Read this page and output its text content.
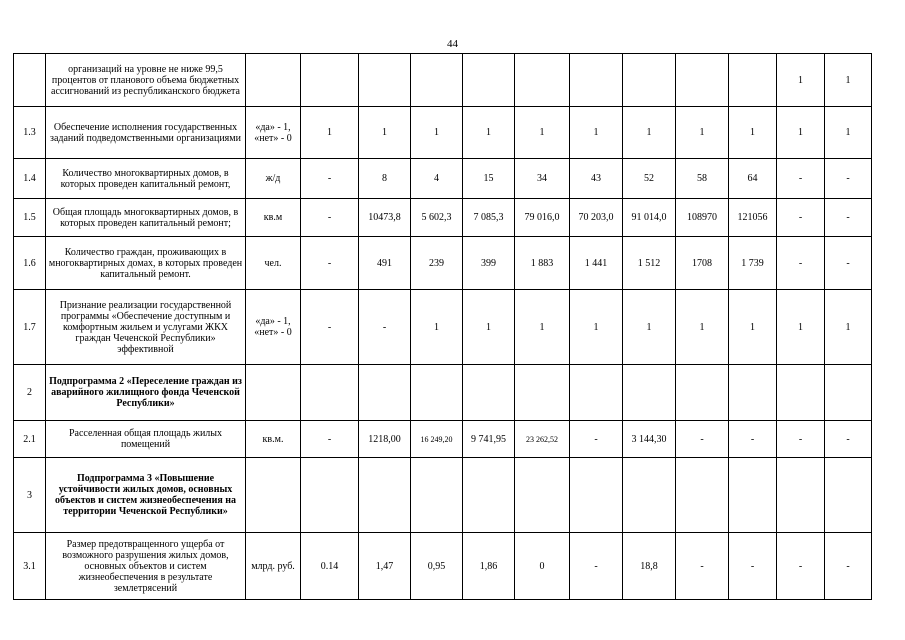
44
	организаций на уровне не ниже 99,5 процентов от планового объема бюджетных ассигнований из республиканского бюджета											1	1
1.3	Обеспечение исполнения государственных заданий подведомственными организациями	«да» - 1, «нет» - 0	1	1	1	1	1	1	1	1	1	1	1
1.4	Количество многоквартирных домов, в которых проведен капитальный ремонт,	ж/д	-	8	4	15	34	43	52	58	64	-	-
1.5	Общая площадь многоквартирных домов, в которых проведен капитальный ремонт;	кв.м	-	10473,8	5 602,3	7 085,3	79 016,0	70 203,0	91 014,0	108970	121056	-	-
1.6	Количество граждан, проживающих в многоквартирных домах, в которых проведен капитальный ремонт.	чел.	-	491	239	399	1 883	1 441	1 512	1708	1 739	-	-
1.7	Признание реализации государственной программы «Обеспечение доступным и комфортным жильем и услугами ЖКХ граждан Чеченской Республики» эффективной	«да» - 1, «нет» - 0	-	-	1	1	1	1	1	1	1	1	1
2	Подпрограмма 2 «Переселение граждан из аварийного жилищного фонда Чеченской Республики»												
2.1	Расселенная общая площадь жилых помещений	кв.м.	-	1218,00	16 249,20	9 741,95	23 262,52	-	3 144,30	-	-	-	-
3	Подпрограмма 3 «Повышение устойчивости жилых домов, основных объектов и систем жизнеобеспечения на территории Чеченской Республики»												
3.1	Размер предотвращенного ущерба от возможного разрушения жилых домов, основных объектов и систем жизнеобеспечения в результате землетрясений	млрд. руб.	0.14	1,47	0,95	1,86	0	-	18,8	-	-	-	-
